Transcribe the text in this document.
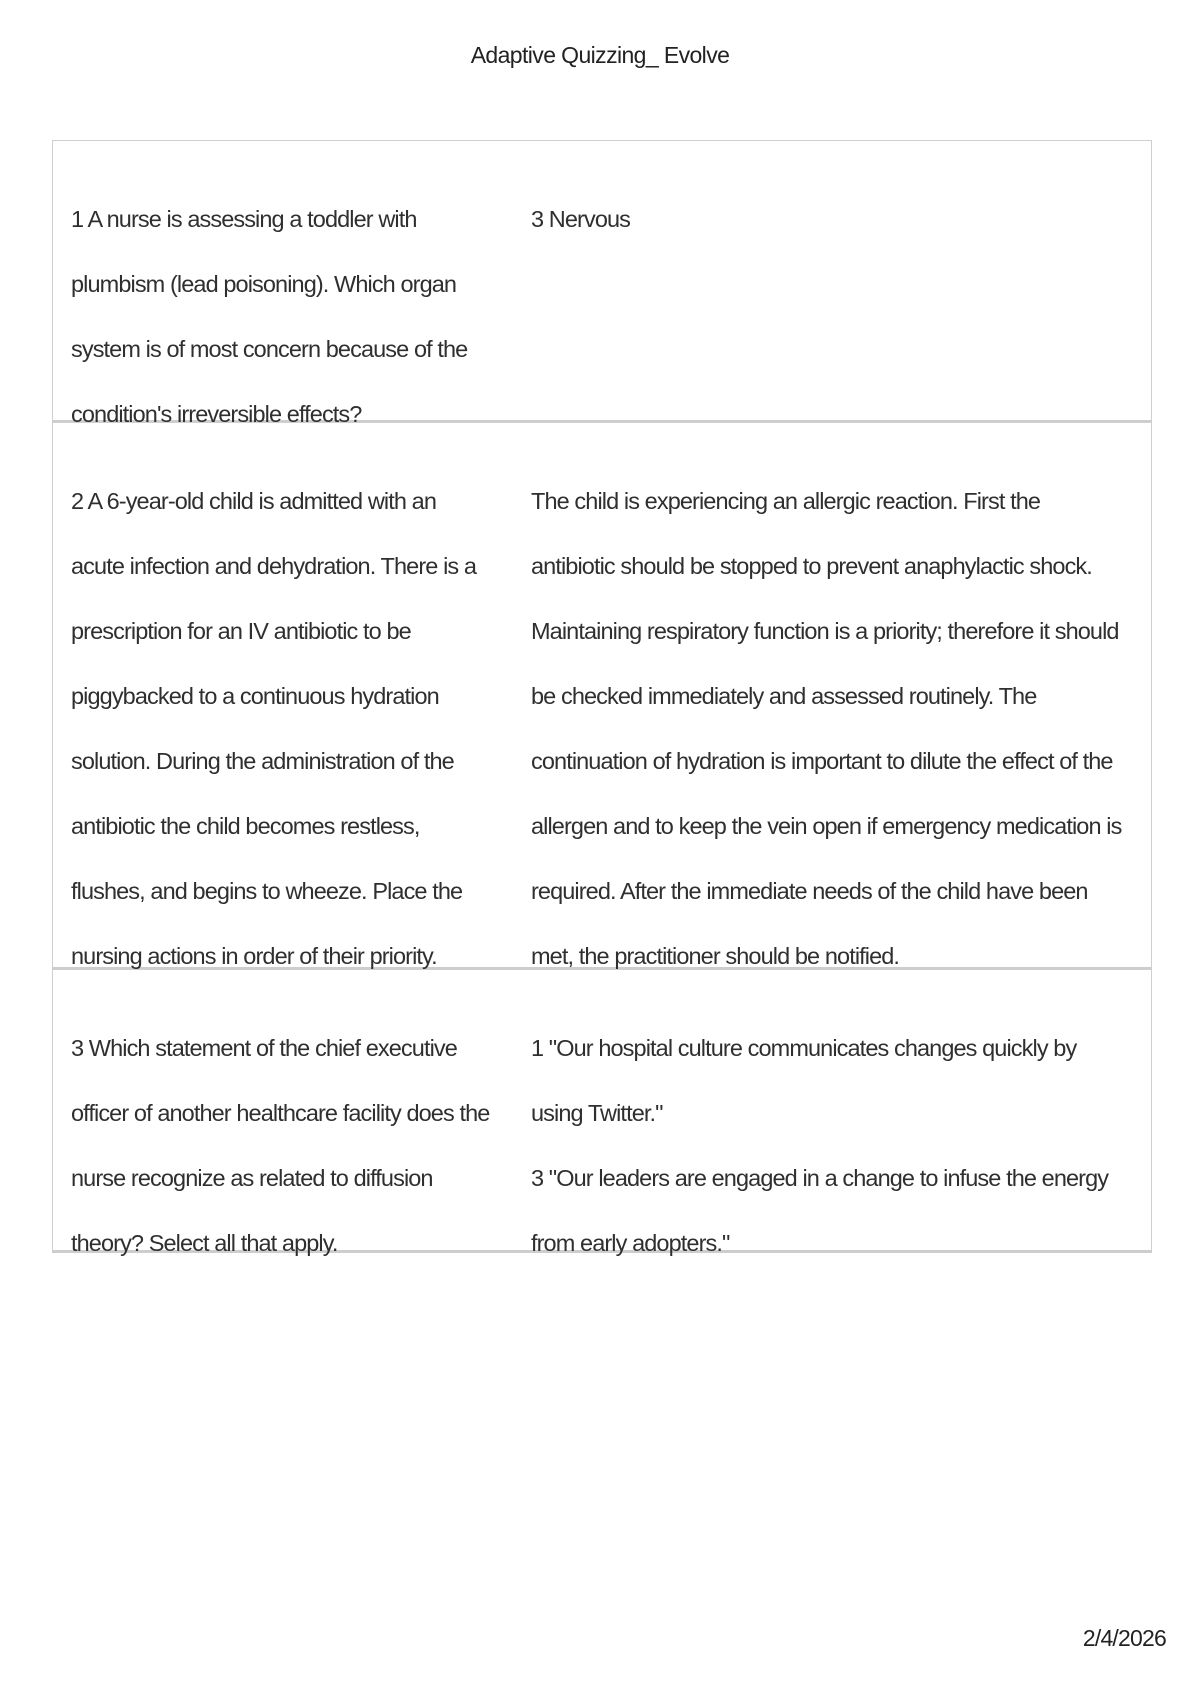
Adaptive Quizzing_ Evolve
1 A nurse is assessing a toddler with plumbism (lead poisoning). Which organ system is of most concern because of the condition's irreversible effects?
3 Nervous
2 A 6-year-old child is admitted with an acute infection and dehydration. There is a prescription for an IV antibiotic to be piggybacked to a continuous hydration solution. During the administration of the antibiotic the child becomes restless, flushes, and begins to wheeze. Place the nursing actions in order of their priority.
The child is experiencing an allergic reaction. First the antibiotic should be stopped to prevent anaphylactic shock. Maintaining respiratory function is a priority; therefore it should be checked immediately and assessed routinely. The continuation of hydration is important to dilute the effect of the allergen and to keep the vein open if emergency medication is required. After the immediate needs of the child have been met, the practitioner should be notified.
3 Which statement of the chief executive officer of another healthcare facility does the nurse recognize as related to diffusion theory? Select all that apply.
1 "Our hospital culture communicates changes quickly by using Twitter."
3 "Our leaders are engaged in a change to infuse the energy from early adopters."
2/4/2026
